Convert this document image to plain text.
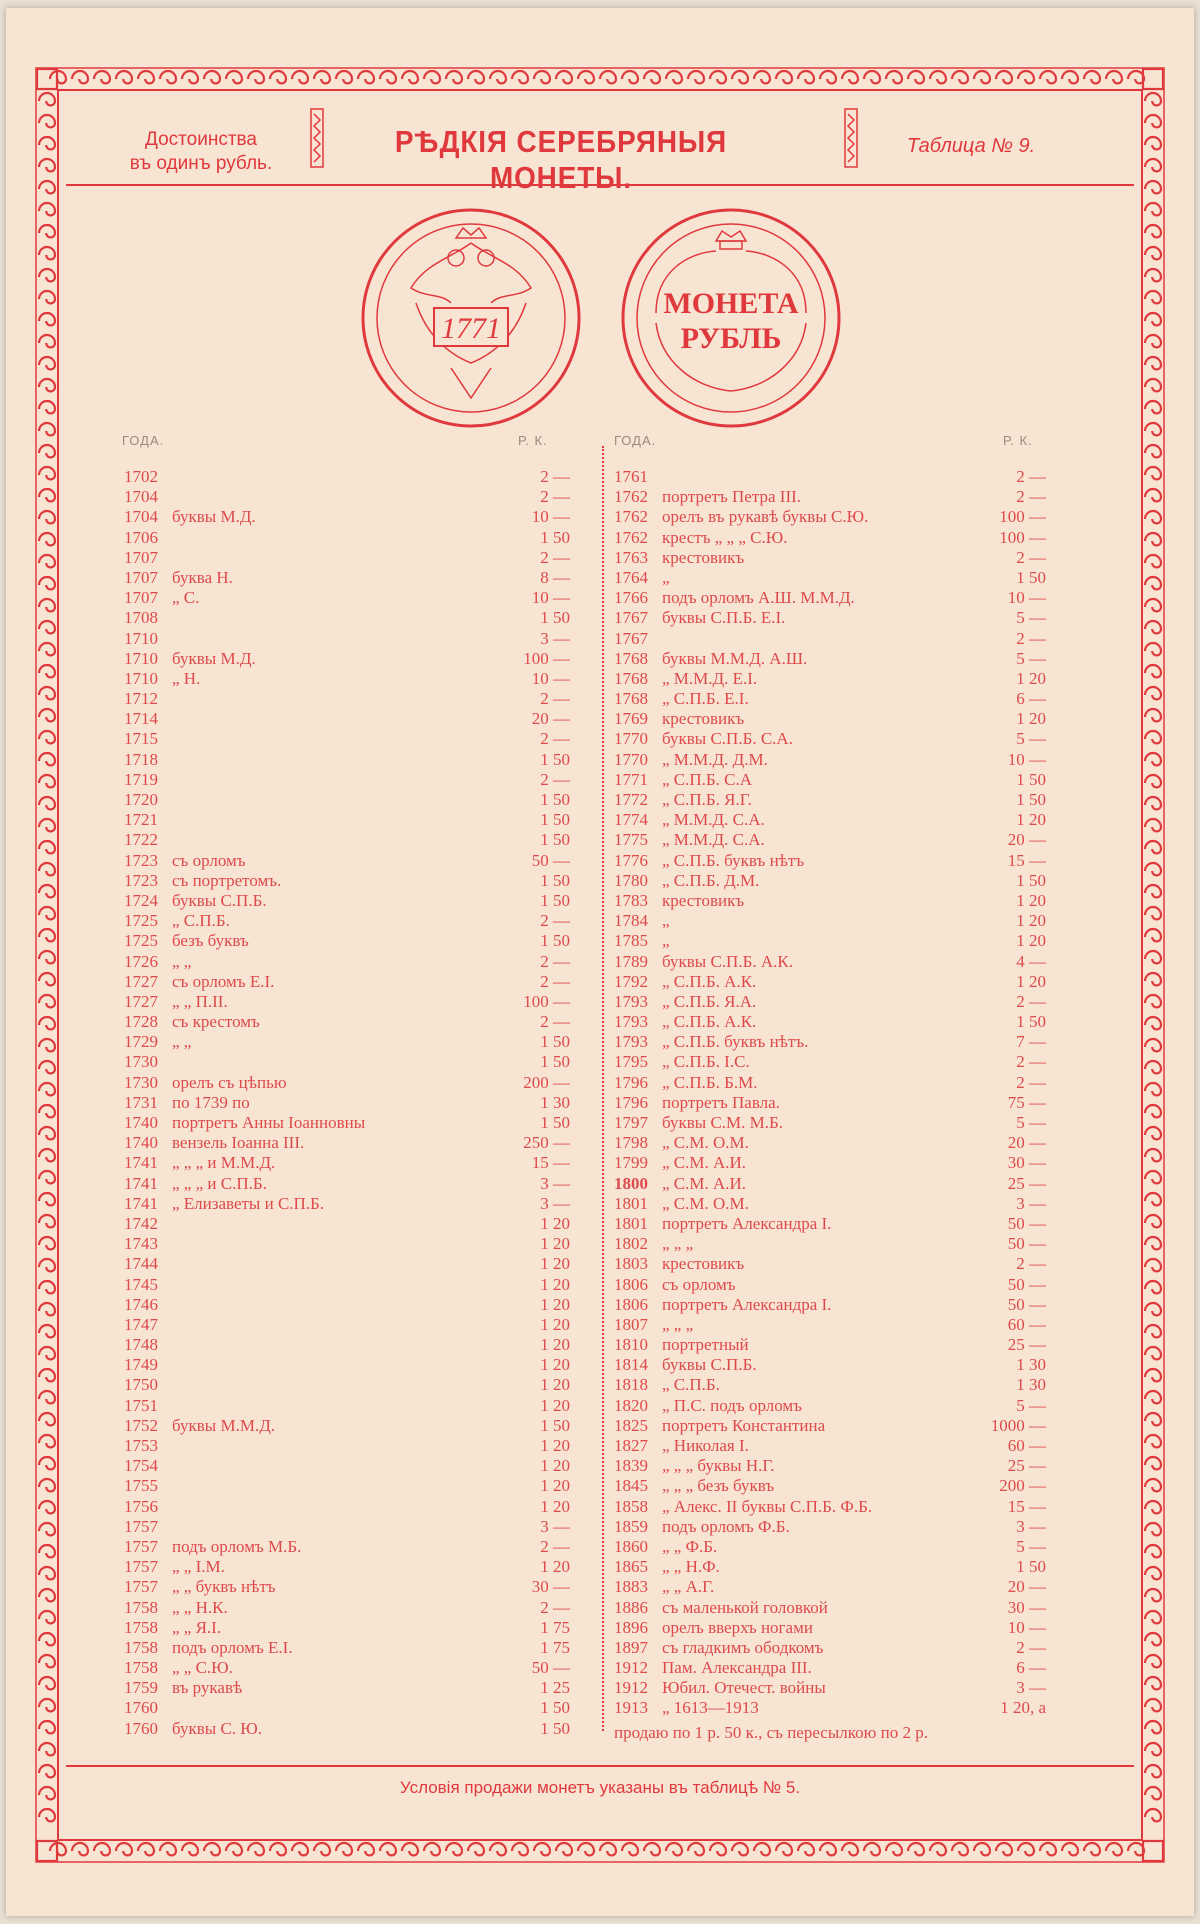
Достоинства
въ одинъ рубль.
РѢДКІЯ СЕРЕБРЯНЫЯ МОНЕТЫ.
Таблица № 9.
1771
МОНЕТА
РУБЛЬ
ГОДА.	Р. К.	ГОДА.	Р. К.
1702	2 —
1704	2 —
1704 буквы М.Д.	10 —
1706	1 50
1707	2 —
1707 буква Н.	8 —
1707 „ С.	10 —
1708	1 50
1710	3 —
1710 буквы М.Д.	100 —
1710 „ Н.	10 —
1712	2 —
1714	20 —
1715	2 —
1718	1 50
1719	2 —
1720	1 50
1721	1 50
1722	1 50
1723 съ орломъ	50 —
1723 съ портретомъ.	1 50
1724 буквы С.П.Б.	1 50
1725 „ С.П.Б.	2 —
1725 безъ буквъ	1 50
1726 „ „	2 —
1727 съ орломъ Е.І.	2 —
1727 „ „ П.ІІ.	100 —
1728 съ крестомъ	2 —
1729 „ „	1 50
1730	1 50
1730 орелъ съ цѣпью	200 —
1731 по 1739 по	1 30
1740 портретъ Анны Іоанновны	1 50
1740 вензель Іоанна III.	250 —
1741 „ „ „ и М.М.Д.	15 —
1741 „ „ „ и С.П.Б.	3 —
1741 „ Елизаветы и С.П.Б.	3 —
1742	1 20
1743	1 20
1744	1 20
1745	1 20
1746	1 20
1747	1 20
1748	1 20
1749	1 20
1750	1 20
1751	1 20
1752 буквы М.М.Д.	1 50
1753	1 20
1754	1 20
1755	1 20
1756	1 20
1757	3 —
1757 подъ орломъ М.Б.	2 —
1757 „ „ І.М.	1 20
1757 „ „ буквъ нѣтъ	30 —
1758 „ „ Н.К.	2 —
1758 „ „ Я.І.	1 75
1758 подъ орломъ Е.І.	1 75
1758 „ „ С.Ю.	50 —
1759 въ рукавѣ	1 25
1760	1 50
1760 буквы С. Ю.	1 50
1761	2 —
1762 портретъ Петра III.	2 —
1762 орелъ въ рукавѣ буквы С.Ю.	100 —
1762 крестъ „ „ „ С.Ю.	100 —
1763 крестовикъ	2 —
1764 „	1 50
1766 подъ орломъ А.Ш. М.М.Д.	10 —
1767 буквы С.П.Б. Е.І.	5 —
1767	2 —
1768 буквы М.М.Д. А.Ш.	5 —
1768 „ М.М.Д. Е.І.	1 20
1768 „ С.П.Б. Е.І.	6 —
1769 крестовикъ	1 20
1770 буквы С.П.Б. С.А.	5 —
1770 „ М.М.Д. Д.М.	10 —
1771 „ С.П.Б. С.А	1 50
1772 „ С.П.Б. Я.Г.	1 50
1774 „ М.М.Д. С.А.	1 20
1775 „ М.М.Д. С.А.	20 —
1776 „ С.П.Б. буквъ нѣтъ	15 —
1780 „ С.П.Б. Д.М.	1 50
1783 крестовикъ	1 20
1784 „	1 20
1785 „	1 20
1789 буквы С.П.Б. А.К.	4 —
1792 „ С.П.Б. А.К.	1 20
1793 „ С.П.Б. Я.А.	2 —
1793 „ С.П.Б. А.К.	1 50
1793 „ С.П.Б. буквъ нѣтъ.	7 —
1795 „ С.П.Б. І.С.	2 —
1796 „ С.П.Б. Б.М.	2 —
1796 портретъ Павла.	75 —
1797 буквы С.М. М.Б.	5 —
1798 „ С.М. О.М.	20 —
1799 „ С.М. А.И.	30 —
1800 „ С.М. А.И.	25 —
1801 „ С.М. О.М.	3 —
1801 портретъ Александра I.	50 —
1802 „ „ „	50 —
1803 крестовикъ	2 —
1806 съ орломъ	50 —
1806 портретъ Александра I.	50 —
1807 „ „ „	60 —
1810 портретный	25 —
1814 буквы С.П.Б.	1 30
1818 „ С.П.Б.	1 30
1820 „ П.С. подъ орломъ	5 —
1825 портретъ Константина	1000 —
1827 „ Николая I.	60 —
1839 „ „ „ буквы Н.Г.	25 —
1845 „ „ „ безъ буквъ	200 —
1858 „ Алекс. II буквы С.П.Б. Ф.Б.	15 —
1859 подъ орломъ Ф.Б.	3 —
1860 „ „ Ф.Б.	5 —
1865 „ „ Н.Ф.	1 50
1883 „ „ А.Г.	20 —
1886 съ маленькой головкой	30 —
1896 орелъ вверхъ ногами	10 —
1897 съ гладкимъ ободкомъ	2 —
1912 Пам. Александра III.	6 —
1912 Юбил. Отечест. войны	3 —
1913 „ 1613—1913	1 20, а
продаю по 1 р. 50 к., съ пересылкою по 2 р.
Условія продажи монетъ указаны въ таблицѣ № 5.
